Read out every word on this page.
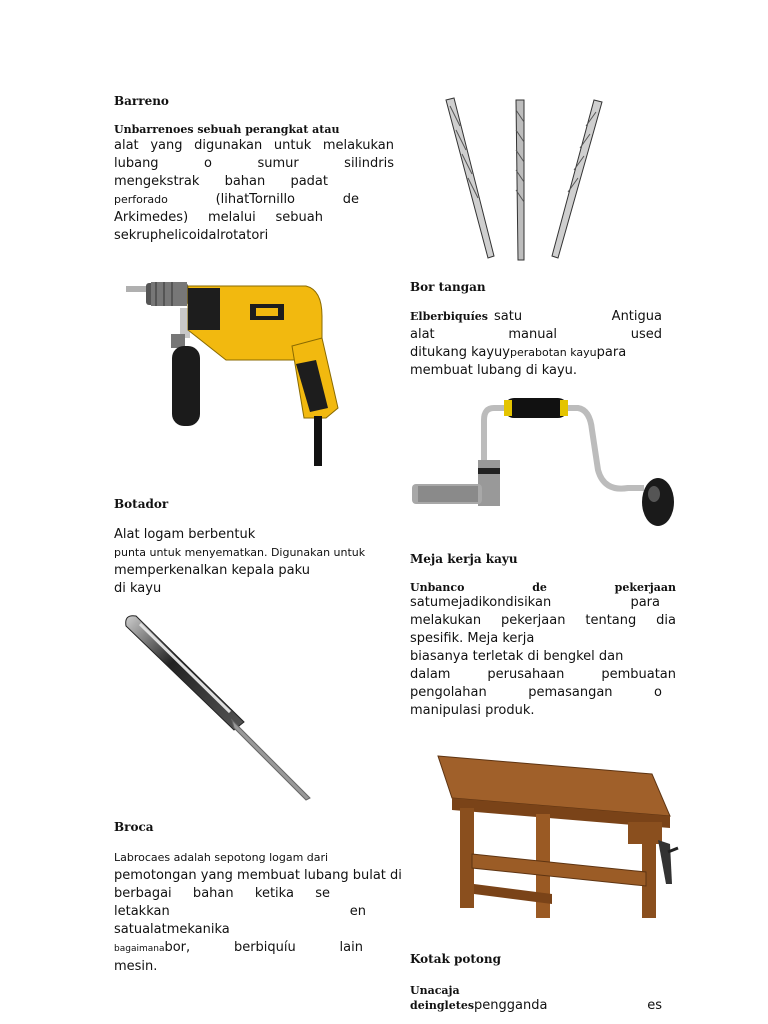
Barreno

Unbarrenoes sebuah perangkat atau
alat yang digunakan untuk melakukan
lubang o sumur silindris
mengekstrak bahan padat
perforado	(lihatTornillo	de
Arkimedes) melalui sebuah
sekruphelicoidalrotatori

Botador

Alat logam berbentuk
punta untuk menyematkan. Digunakan untuk
memperkenalkan kepala paku
di kayu

Broca

Labrocaes adalah sepotong logam dari
pemotongan yang membuat lubang bulat di
berbagai bahan ketika se
letakkan en
satualatmekanika
bagaimanabor, berbiquíu lain
mesin.

Bor tangan

Elberbiquíes satu Antigua
alat manual used
ditukang kayuyperabotan kayupara
membuat lubang di kayu.

Meja kerja kayu

Unbanco de pekerjaan
satumejadikondisikan para
melakukan pekerjaan tentang dia
spesifik. Meja kerja
biasanya terletak di bengkel dan
dalam perusahaan pembuatan
pengolahan pemasangan o
manipulasi produk.

Kotak potong

Unacaja
deingletespengganda	es
